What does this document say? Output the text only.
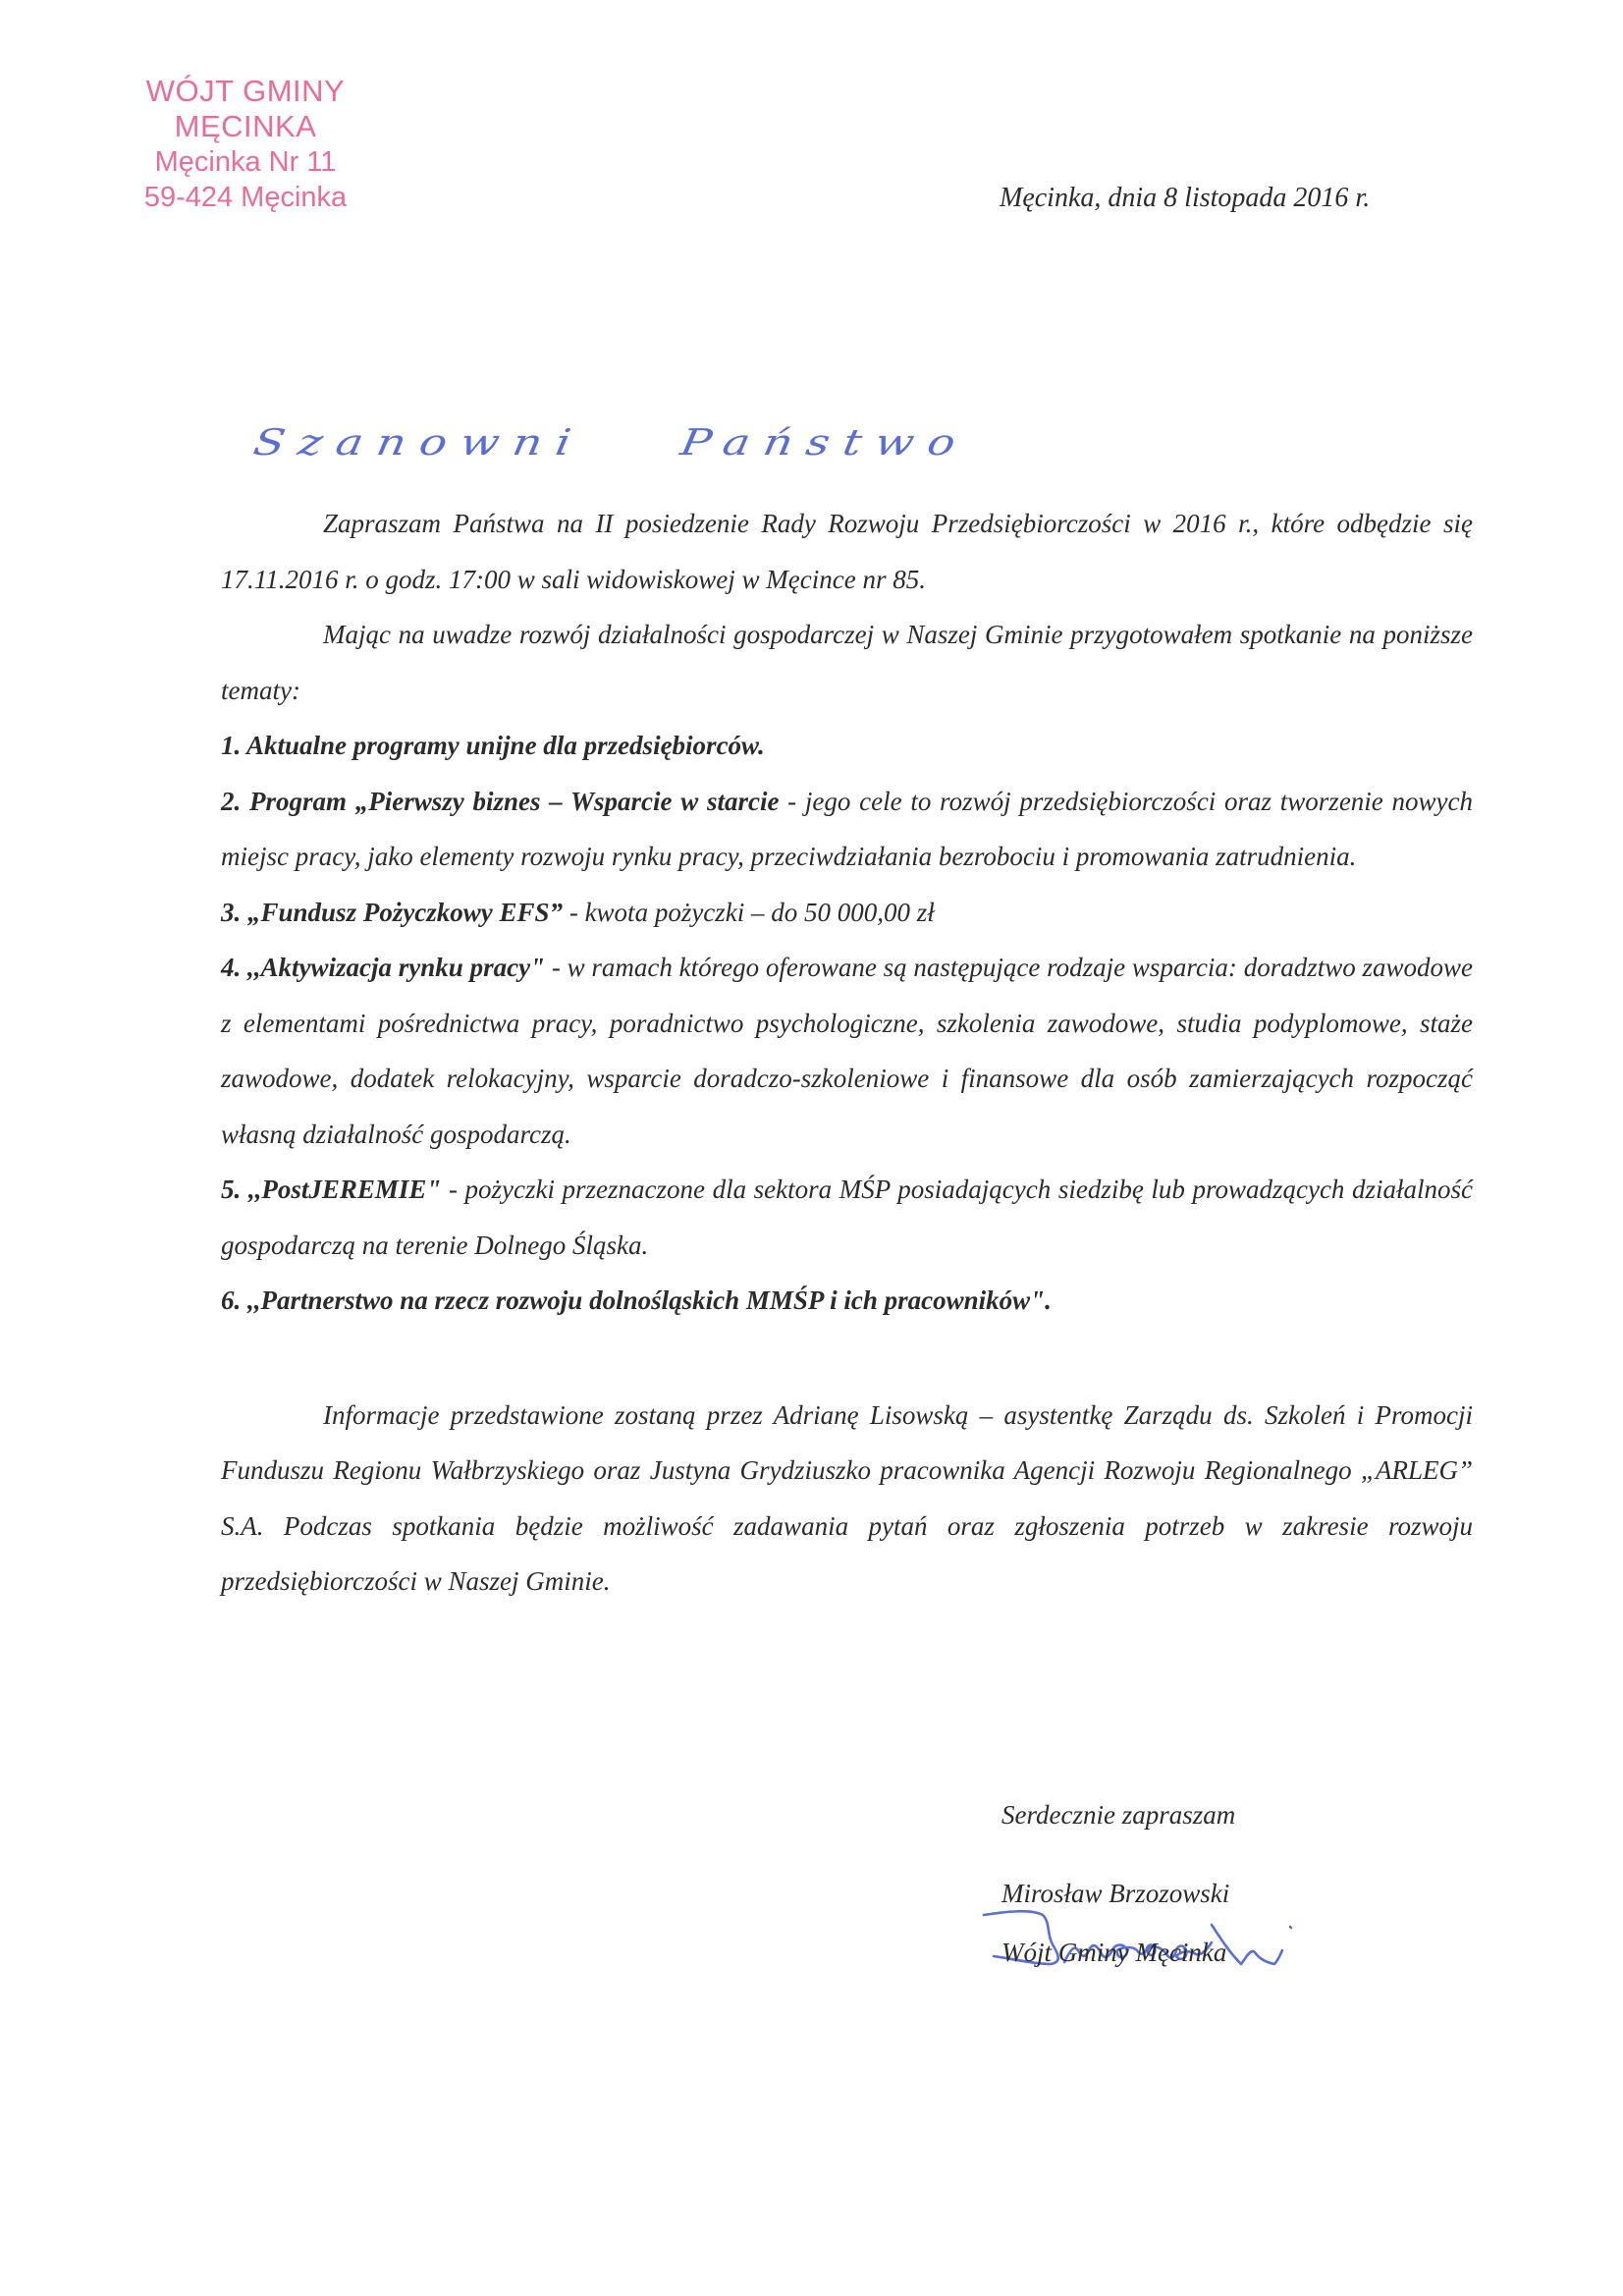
WÓJT GMINY MĘCINKA
Męcinka Nr 11
59-424 Męcinka	Męcinka, dnia 8 listopada 2016 r.
Szanowni Państwo

Zapraszam Państwa na II posiedzenie Rady Rozwoju Przedsiębiorczości w 2016 r., które odbędzie się 17.11.2016 r. o godz. 17:00 w sali widowiskowej w Męcince nr 85.

Mając na uwadze rozwój działalności gospodarczej w Naszej Gminie przygotowałem spotkanie na poniższe tematy:

1. Aktualne programy unijne dla przedsiębiorców.

2. Program „Pierwszy biznes – Wsparcie w starcie - jego cele to rozwój przedsiębiorczości oraz tworzenie nowych miejsc pracy, jako elementy rozwoju rynku pracy, przeciwdziałania bezrobociu i promowania zatrudnienia.

3. „Fundusz Pożyczkowy EFS” - kwota pożyczki – do 50 000,00 zł

4. ,,Aktywizacja rynku pracy" - w ramach którego oferowane są następujące rodzaje wsparcia: doradztwo zawodowe z elementami pośrednictwa pracy, poradnictwo psychologiczne, szkolenia zawodowe, studia podyplomowe, staże zawodowe, dodatek relokacyjny, wsparcie doradczo-szkoleniowe i finansowe dla osób zamierzających rozpocząć własną działalność gospodarczą.

5. ,,PostJEREMIE" - pożyczki przeznaczone dla sektora MŚP posiadających siedzibę lub prowadzących działalność gospodarczą na terenie Dolnego Śląska.

6. ,,Partnerstwo na rzecz rozwoju dolnośląskich MMŚP i ich pracowników".

Informacje przedstawione zostaną przez Adrianę Lisowską – asystentkę Zarządu ds. Szkoleń i Promocji Funduszu Regionu Wałbrzyskiego oraz Justyna Grydziuszko pracownika Agencji Rozwoju Regionalnego „ARLEG” S.A. Podczas spotkania będzie możliwość zadawania pytań oraz zgłoszenia potrzeb w zakresie rozwoju przedsiębiorczości w Naszej Gminie.

Serdecznie zapraszam
Mirosław Brzozowski
Wójt Gminy Męcinka
